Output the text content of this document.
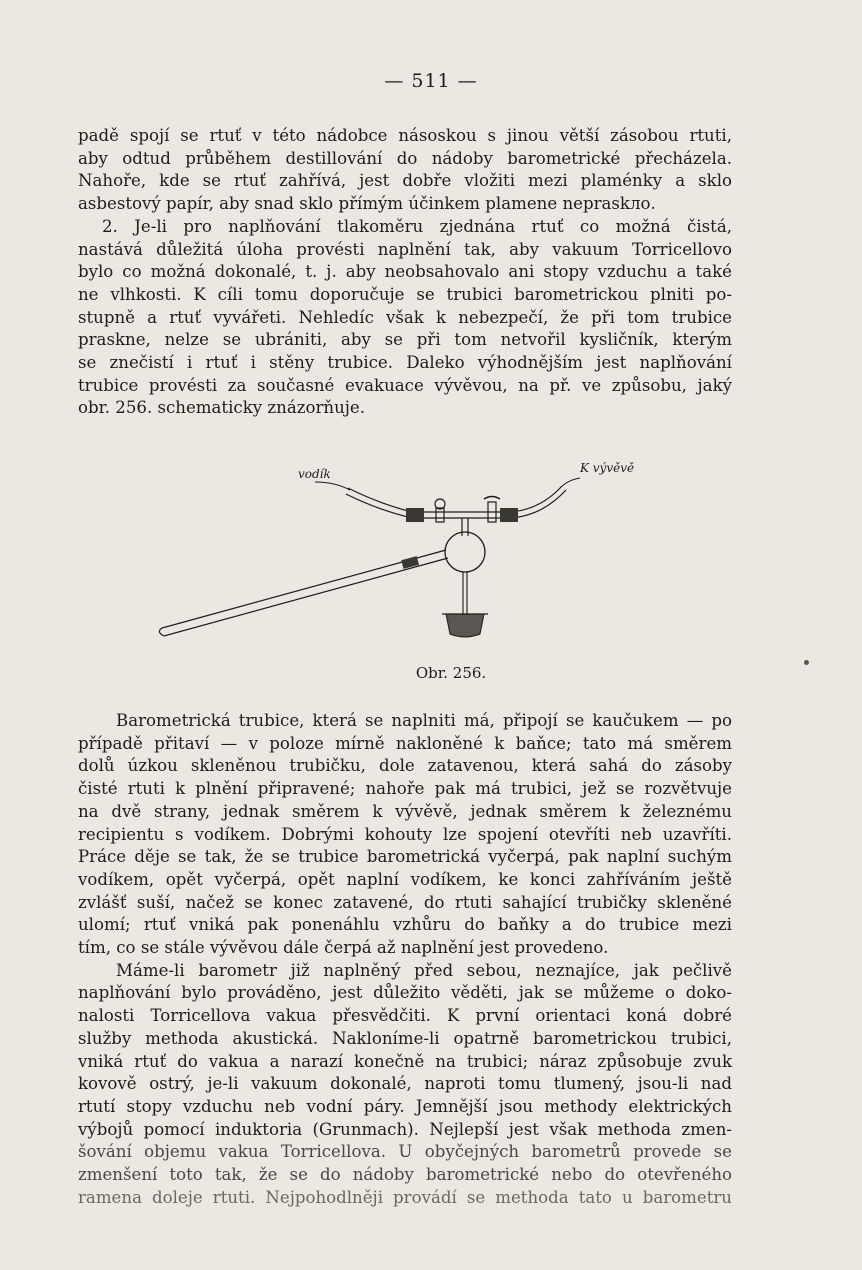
— 511 —
padě spojí se rtuť v této nádobce násoskou s jinou větší zásobou rtuti,
aby odtud průběhem destillování do nádoby barometrické přecházela.
Nahoře, kde se rtuť zahřívá, jest dobře vložiti mezi plaménky a sklo
asbestový papír, aby snad sklo přímým účinkem plamene nepraskло.
2. Je-li pro naplňování tlakoměru zjednána rtuť co možná čistá,
nastává důležitá úloha provésti naplnění tak, aby vakuum Torricellovo
bylo co možná dokonalé, t. j. aby neobsahovalo ani stopy vzduchu a také
ne vlhkosti. K cíli tomu doporučuje se trubici barometrickou plniti po-
stupně a rtuť vyvářeti. Nehledíc však k nebezpečí, že při tom trubice
praskne, nelze se ubrániti, aby se při tom netvořil kysličník, kterým
se znečistí i rtuť i stěny trubice. Daleko výhodnějším jest naplňování
trubice provésti za současné evakuace vývěvou, na př. ve způsobu, jaký
obr. 256. schematicky znázorňuje.
vodík	K vývěvě
Obr. 256.
Barometrická trubice, která se naplniti má, připojí se kaučukem — po
případě přitaví — v poloze mírně nakloněné k baňce; tato má směrem
dolů úzkou skleněnou trubičku, dole zatavenou, která sahá do zásoby
čisté rtuti k plnění připravené; nahoře pak má trubici, jež se rozvětvuje
na dvě strany, jednak směrem k vývěvě, jednak směrem k železnému
recipientu s vodíkem. Dobrými kohouty lze spojení otevříti neb uzavříti.
Práce děje se tak, že se trubice barometrická vyčerpá, pak naplní suchým
vodíkem, opět vyčerpá, opět naplní vodíkem, ke konci zahříváním ještě
zvlášť suší, načež se konec zatavené, do rtuti sahající trubičky skleněné
ulomí; rtuť vniká pak ponenáhlu vzhůru do baňky a do trubice mezi
tím, co se stále vývěvou dále čerpá až naplnění jest provedeno.
Máme-li barometr již naplněný před sebou, neznajíce, jak pečlivě
naplňování bylo prováděno, jest důležito věděti, jak se můžeme o doko-
nalosti Torricellova vakua přesvědčiti. K první orientaci koná dobré
služby methoda akustická. Nakloníme-li opatrně barometrickou trubici,
vniká rtuť do vakua a narazí konečně na trubici; náraz způsobuje zvuk
kovově ostrý, je-li vakuum dokonalé, naproti tomu tlumený, jsou-li nad
rtutí stopy vzduchu neb vodní páry. Jemnější jsou methody elektrických
výbojů pomocí induktoria (Grunmach). Nejlepší jest však methoda zmen-
šování objemu vakua Torricellova. U obyčejných barometrů provede se
zmenšení toto tak, že se do nádoby barometrické nebo do otevřeného
ramena doleje rtuti. Nejpohodlněji provádí se methoda tato u barometru
